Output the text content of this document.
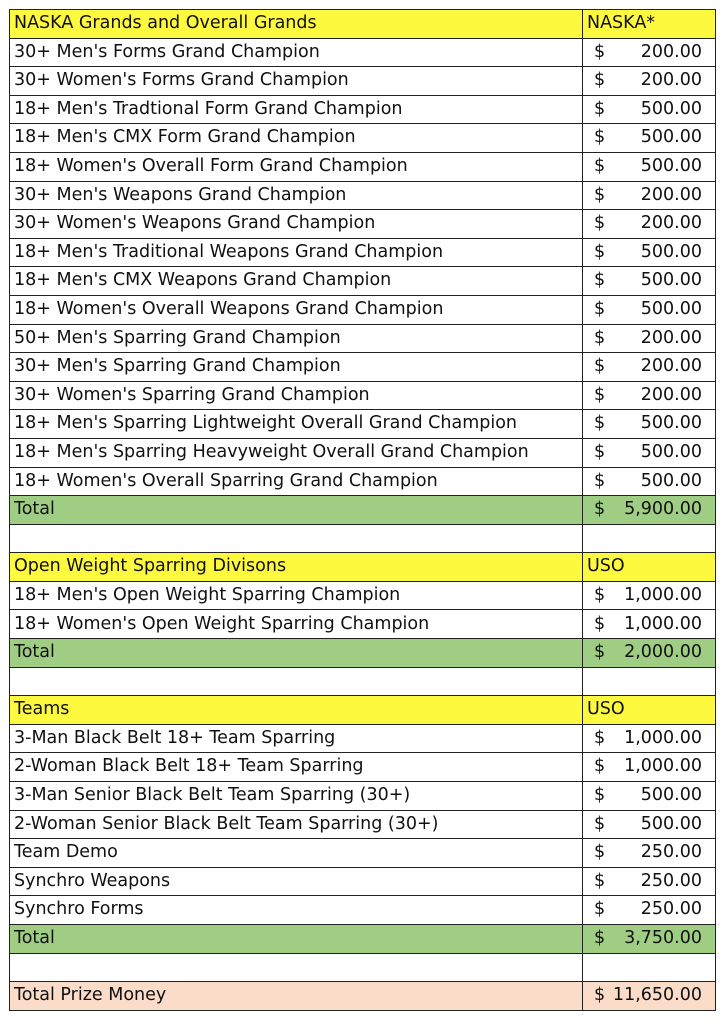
NASKA Grands and Overall Grands	NASKA*
30+ Men's Forms Grand Champion	$ 200.00

30+ Women's Forms Grand Champion	$ 200.00

18+ Men's Tradtional Form Grand Champion	$ 500.00

18+ Men's CMX Form Grand Champion	$ 500.00

18+ Women's Overall Form Grand Champion	$ 500.00

30+ Men's Weapons Grand Champion	$ 200.00

30+ Women's Weapons Grand Champion	$ 200.00

18+ Men's Traditional Weapons Grand Champion	$ 500.00

18+ Men's CMX Weapons Grand Champion	$ 500.00

18+ Women's Overall Weapons Grand Champion	$ 500.00

50+ Men's Sparring Grand Champion	$ 200.00

30+ Men's Sparring Grand Champion	$ 200.00

30+ Women's Sparring Grand Champion	$ 200.00

18+ Men's Sparring Lightweight Overall Grand Champion	$ 500.00

18+ Men's Sparring Heavyweight Overall Grand Champion	$ 500.00

18+ Women's Overall Sparring Grand Champion	$ 500.00

Total	$ 5,900.00

Open Weight Sparring Divisons	USO
18+ Men's Open Weight Sparring Champion	$ 1,000.00

18+ Women's Open Weight Sparring Champion	$ 1,000.00

Total	$ 2,000.00

Teams	USO
3-Man Black Belt 18+ Team Sparring	$ 1,000.00

2-Woman Black Belt 18+ Team Sparring	$ 1,000.00

3-Man Senior Black Belt Team Sparring (30+)	$ 500.00

2-Woman Senior Black Belt Team Sparring (30+)	$ 500.00

Team Demo	$ 250.00

Synchro Weapons	$ 250.00

Synchro Forms	$ 250.00

Total	$ 3,750.00

Total Prize Money	$ 11,650.00
